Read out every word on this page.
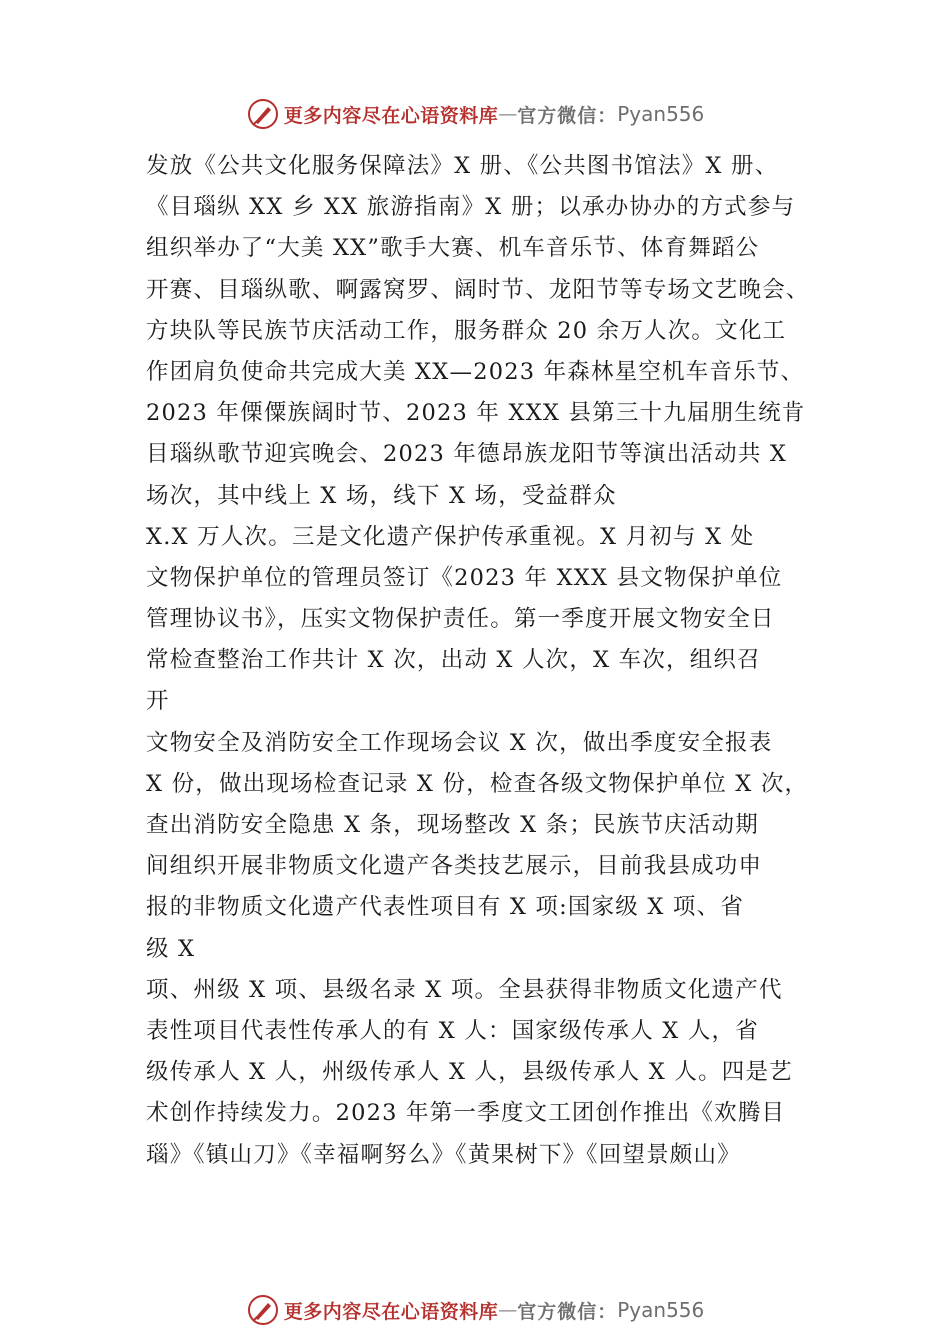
更多内容尽在心语资料库 — 官方微信： Pyan556
发放《公共文化服务保障法》X 册、《公共图书馆法》X 册、
《目瑙纵 XX 乡 XX 旅游指南》X 册；以承办协办的方式参与
组织举办了“大美 XX”歌手大赛、机车音乐节、体育舞蹈公
开赛、目瑙纵歌、啊露窝罗、阔时节、龙阳节等专场文艺晚会、
方块队等民族节庆活动工作，服务群众 20 余万人次。文化工
作团肩负使命共完成大美 XX—2023 年森林星空机车音乐节、
2023 年傈僳族阔时节、2023 年 XXX 县第三十九届朋生统肯
目瑙纵歌节迎宾晚会、2023 年德昂族龙阳节等演出活动共 X
场次，其中线上 X 场，线下 X 场，受益群众
X.X 万人次。三是文化遗产保护传承重视。X 月初与 X 处
文物保护单位的管理员签订《2023 年 XXX 县文物保护单位
管理协议书》，压实文物保护责任。第一季度开展文物安全日
常检查整治工作共计 X 次，出动 X 人次，X 车次，组织召
开
文物安全及消防安全工作现场会议 X 次，做出季度安全报表
X 份，做出现场检查记录 X 份，检查各级文物保护单位 X 次，
查出消防安全隐患 X 条，现场整改 X 条；民族节庆活动期
间组织开展非物质文化遗产各类技艺展示，目前我县成功申
报的非物质文化遗产代表性项目有 X 项:国家级 X 项、省
级 X
项、州级 X 项、县级名录 X 项。全县获得非物质文化遗产代
表性项目代表性传承人的有 X 人：国家级传承人 X 人，省
级传承人 X 人，州级传承人 X 人，县级传承人 X 人。四是艺
术创作持续发力。2023 年第一季度文工团创作推出《欢腾目
瑙》《镇山刀》《幸福啊努么》《黄果树下》《回望景颇山》
更多内容尽在心语资料库 — 官方微信： Pyan556
